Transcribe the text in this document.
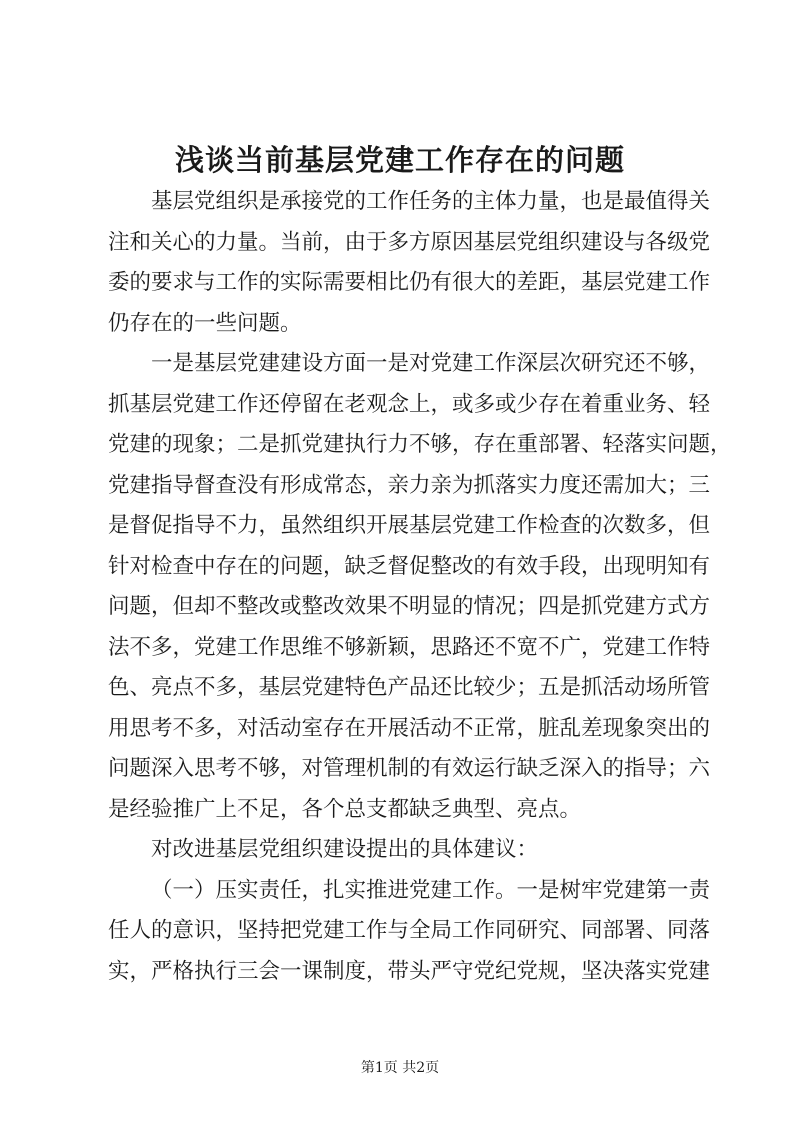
浅谈当前基层党建工作存在的问题
基层党组织是承接党的工作任务的主体力量，也是最值得关
注和关心的力量。当前，由于多方原因基层党组织建设与各级党
委的要求与工作的实际需要相比仍有很大的差距，基层党建工作
仍存在的一些问题。
一是基层党建建设方面一是对党建工作深层次研究还不够，
抓基层党建工作还停留在老观念上，或多或少存在着重业务、轻
党建的现象；二是抓党建执行力不够，存在重部署、轻落实问题，
党建指导督查没有形成常态，亲力亲为抓落实力度还需加大；三
是督促指导不力，虽然组织开展基层党建工作检查的次数多，但
针对检查中存在的问题，缺乏督促整改的有效手段，出现明知有
问题，但却不整改或整改效果不明显的情况；四是抓党建方式方
法不多，党建工作思维不够新颖，思路还不宽不广，党建工作特
色、亮点不多，基层党建特色产品还比较少；五是抓活动场所管
用思考不多，对活动室存在开展活动不正常，脏乱差现象突出的
问题深入思考不够，对管理机制的有效运行缺乏深入的指导；六
是经验推广上不足，各个总支都缺乏典型、亮点。
对改进基层党组织建设提出的具体建议：
（一）压实责任，扎实推进党建工作。一是树牢党建第一责
任人的意识，坚持把党建工作与全局工作同研究、同部署、同落
实，严格执行三会一课制度，带头严守党纪党规，坚决落实党建
第1页 共2页
